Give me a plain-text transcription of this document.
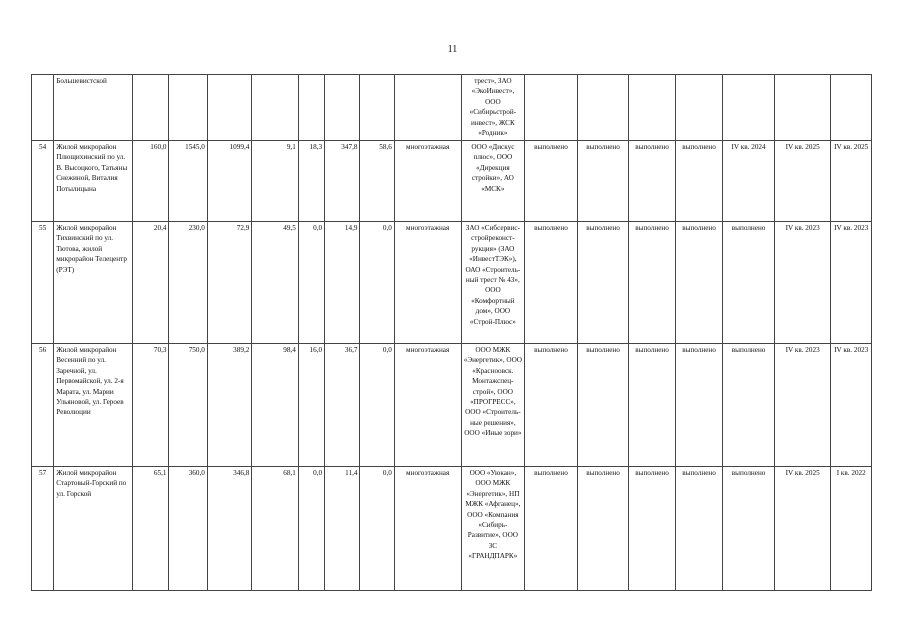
11
	Большевистской									трест», ЗАО «ЭкоИнвест», ООО «Сибирьстрой-инвест», ЖСК «Родник»							
54	Жилой микрорайон Плющихинский по ул. В. Высоцкого, Татьяны Снежиной, Виталия Потылицына	160,0	1545,0	1099,4	9,1	18,3	347,8	58,6	многоэтажная	ООО «Дискус плюс», ООО «Дирекция стройки», АО «МСК»	выполнено	выполнено	выполнено	выполнено	IV кв. 2024	IV кв. 2025	IV кв. 2025
55	Жилой микрорайон Тихвинский по ул. Тютова, жилой микрорайон Телецентр (РЭТ)	20,4	230,0	72,9	49,5	0,0	14,9	0,0	многоэтажная	ЗАО «Сибсервис-стройреконст-рукция» (ЗАО «ИнвестТЭК»), ОАО «Строитель-ный трест № 43», ООО «Комфортный дом», ООО «Строй-Плюс»	выполнено	выполнено	выполнено	выполнено	выполнено	IV кв. 2023	IV кв. 2023
56	Жилой микрорайон Весенний по ул. Заречной, ул. Первомайской, ул. 2-я Марата, ул. Марии Ульяновой, ул. Героев Революции	70,3	750,0	389,2	98,4	16,0	36,7	0,0	многоэтажная	ООО МЖК «Энергетик», ООО «Красноовск. Монтажспец-строй», ООО «ПРОГРЕСС», ООО «Строитель-ные решения», ООО «Иные зори»	выполнено	выполнено	выполнено	выполнено	выполнено	IV кв. 2023	IV кв. 2023
57	Жилой микрорайон Стартовый-Горский по ул. Горской	65,1	360,0	346,8	68,1	0,0	11,4	0,0	многоэтажная	ООО «Уюкан», ООО МЖК «Энергетик», НП МЖК «Афганец», ООО «Компания «Сибирь-Развитие», ООО ЗС «ГРАНДПАРК»	выполнено	выполнено	выполнено	выполнено	выполнено	IV кв. 2025	I кв. 2022
